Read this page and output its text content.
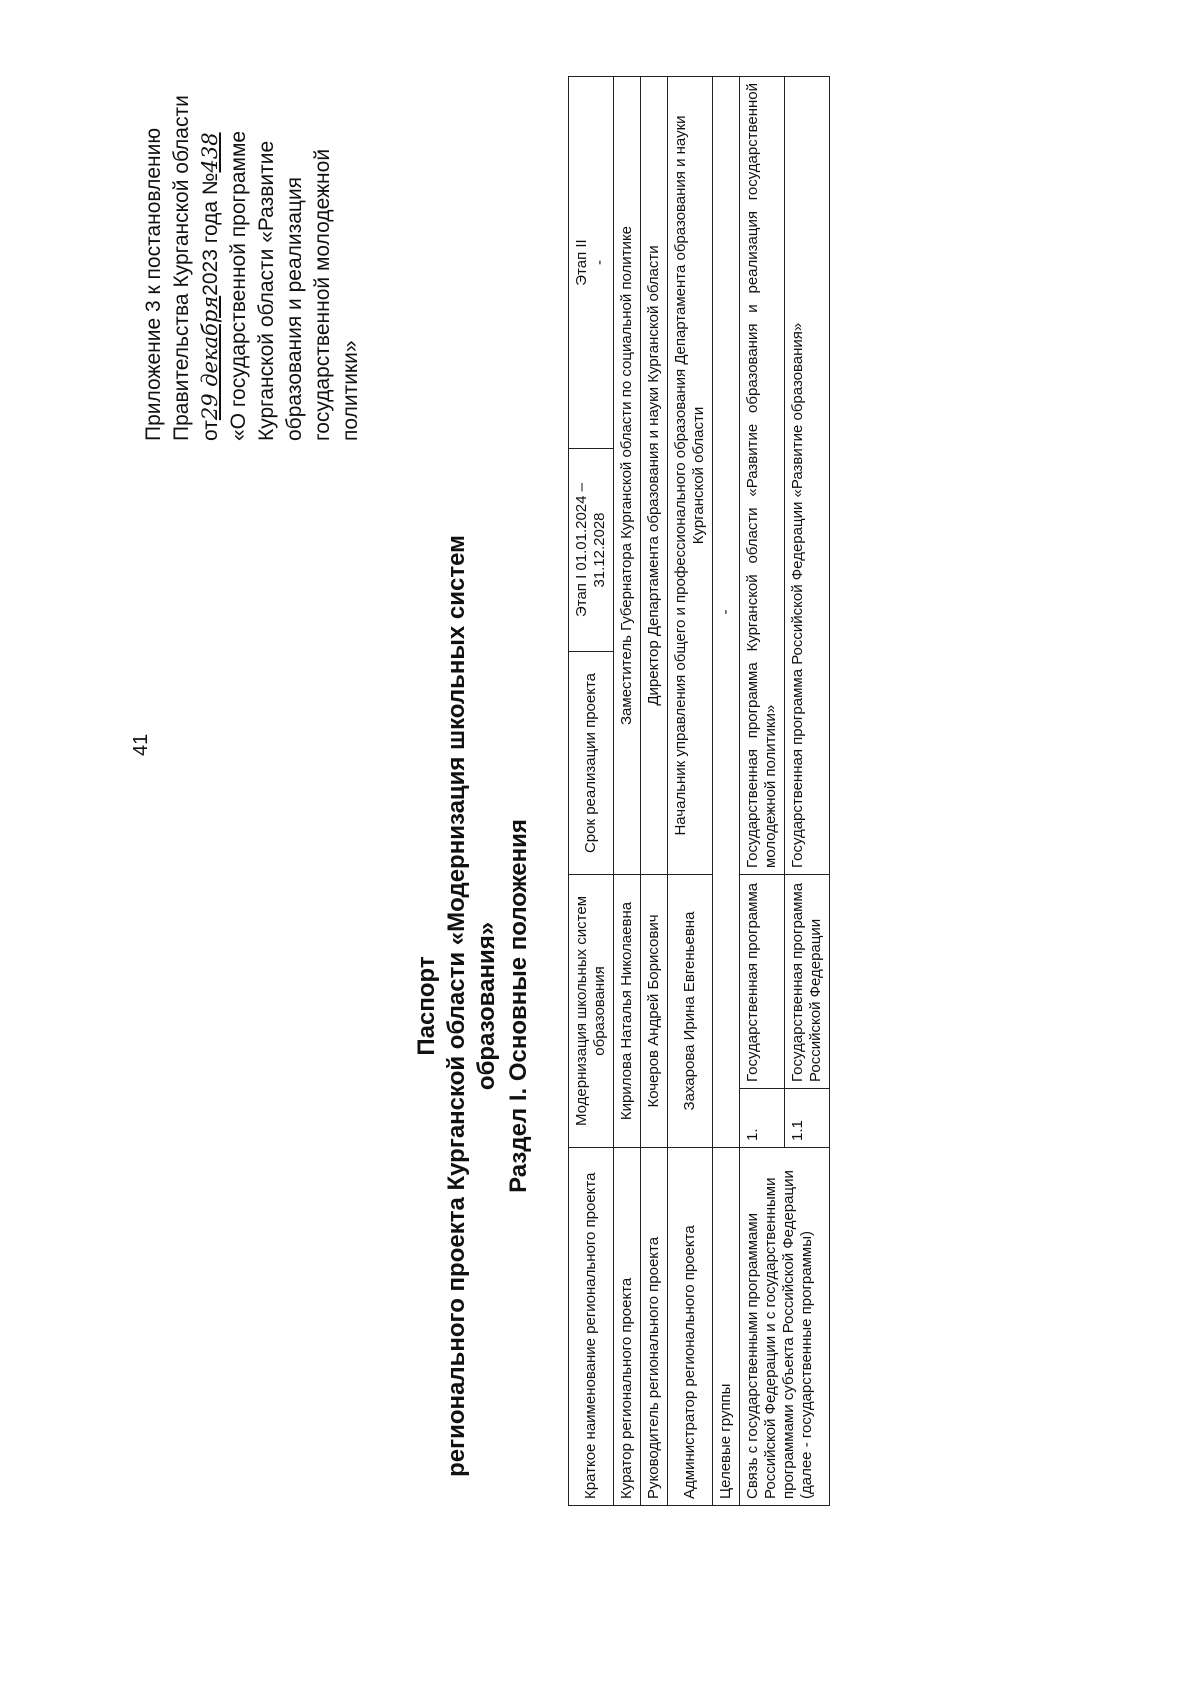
41
Приложение 3 к постановлению Правительства Курганской области от29 декабря2023 года №438 «О государственной программе Курганской области «Развитие образования и реализация государственной молодежной политики»
Паспорт регионального проекта Курганской области «Модернизация школьных систем образования» Раздел I. Основные положения
Краткое наименование регионального проекта	Модернизация школьных систем образования		Срок реализации проекта	Этап I 01.01.2024 – 31.12.2028	Этап II -

Куратор регионального проекта	Кирилова Наталья Николаевна		Заместитель Губернатора Курганской области по социальной политике		
Руководитель регионального проекта	Кочеров Андрей Борисович		Директор Департамента образования и науки Курганской области		
Администратор регионального проекта	Захарова Ирина Евгеньевна		Начальник управления общего и профессионального образования Департамента образования и науки Курганской области		
Целевые группы	-				
Связь с государственными программами Российской Федерации и с государственными программами субъекта Российской Федерации (далее - государственные программы)	1.	Государственная программа	Государственная программа Курганской области «Развитие образования и реализация государственной молодежной политики»		
	1.1	Государственная программа Российской Федерации	Государственная программа Российской Федерации «Развитие образования»		
